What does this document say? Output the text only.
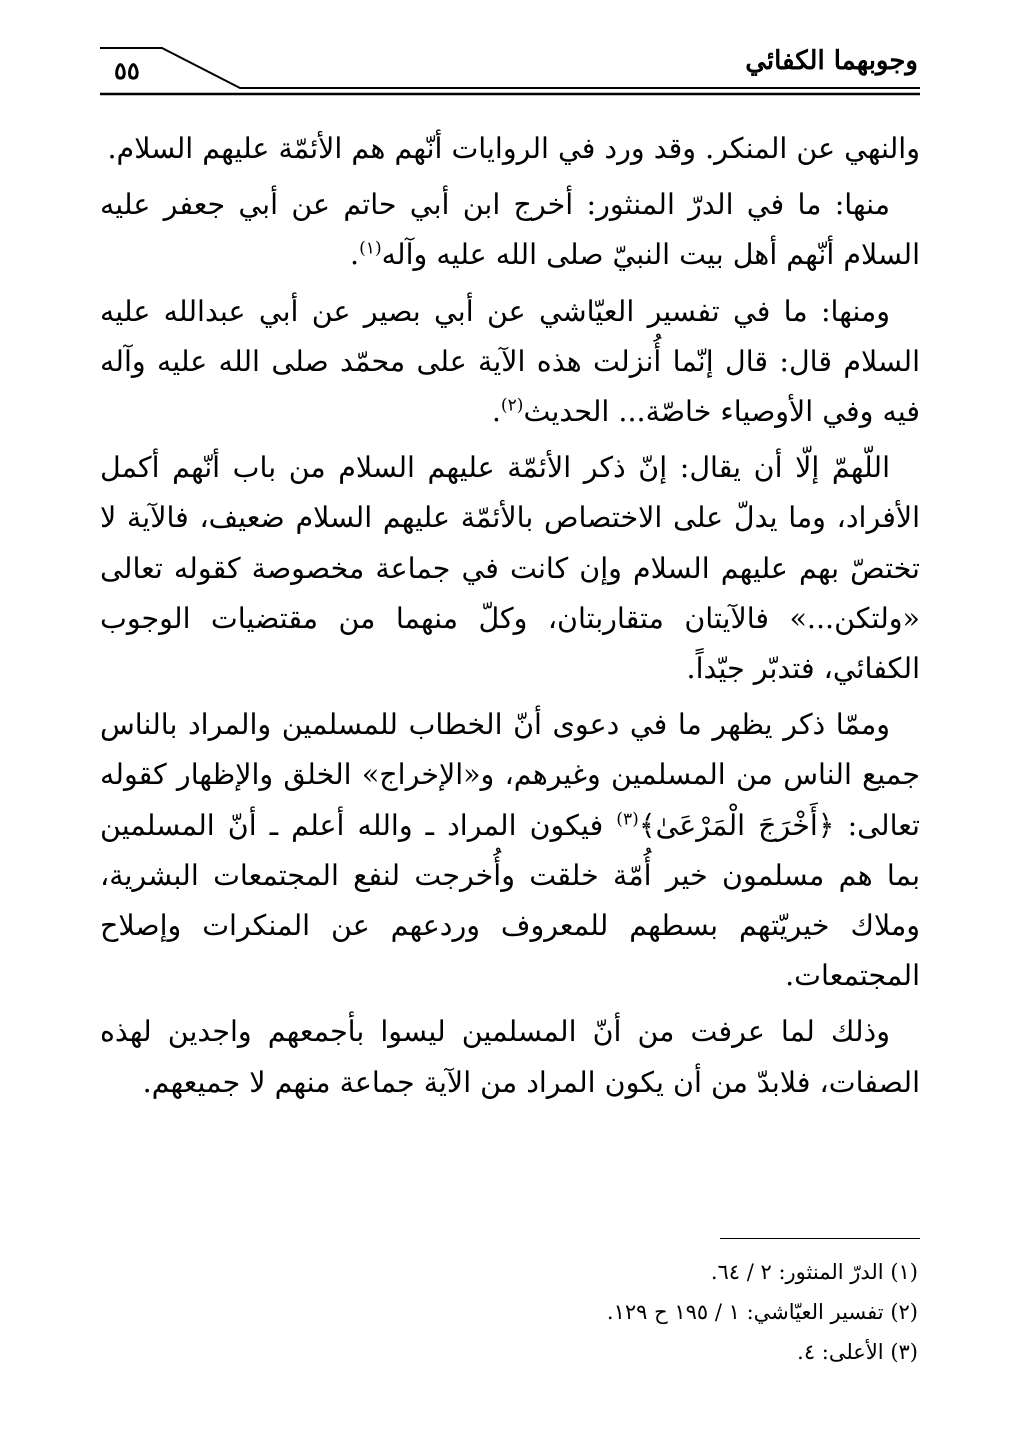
وجوبهما الكفائي
٥٥

والنهي عن المنكر. وقد ورد في الروايات أنّهم هم الأئمّة عليهم السلام.

منها: ما في الدرّ المنثور: أخرج ابن أبي حاتم عن أبي جعفر عليه السلام أنّهم أهل بيت النبيّ صلى الله عليه وآله$^{(١)}$.

ومنها: ما في تفسير العيّاشي عن أبي بصير عن أبي عبدالله عليه السلام قال: قال إنّما أُنزلت هذه الآية على محمّد صلى الله عليه وآله فيه وفي الأوصياء خاصّة... الحديث$^{(٢)}$.

اللّهمّ إلّا أن يقال: إنّ ذكر الأئمّة عليهم السلام من باب أنّهم أكمل الأفراد، وما يدلّ على الاختصاص بالأئمّة عليهم السلام ضعيف، فالآية لا تختصّ بهم عليهم السلام وإن كانت في جماعة مخصوصة كقوله تعالى «ولتكن...» فالآيتان متقاربتان، وكلّ منهما من مقتضيات الوجوب الكفائي، فتدبّر جيّداً.

وممّا ذكر يظهر ما في دعوى أنّ الخطاب للمسلمين والمراد بالناس جميع الناس من المسلمين وغيرهم، و«الإخراج» الخلق والإظهار كقوله تعالى: ﴿أَخْرَجَ الْمَرْعَىٰ﴾$^{(٣)}$ فيكون المراد ـ والله أعلم ـ أنّ المسلمين بما هم مسلمون خير أُمّة خلقت وأُخرجت لنفع المجتمعات البشرية، وملاك خيريّتهم بسطهم للمعروف وردعهم عن المنكرات وإصلاح المجتمعات.

وذلك لما عرفت من أنّ المسلمين ليسوا بأجمعهم واجدين لهذه الصفات، فلابدّ من أن يكون المراد من الآية جماعة منهم لا جميعهم.

(١) الدرّ المنثور: ٢ / ٦٤.

(٢) تفسير العيّاشي: ١ / ١٩٥ ح ١٢٩.

(٣) الأعلى: ٤.
